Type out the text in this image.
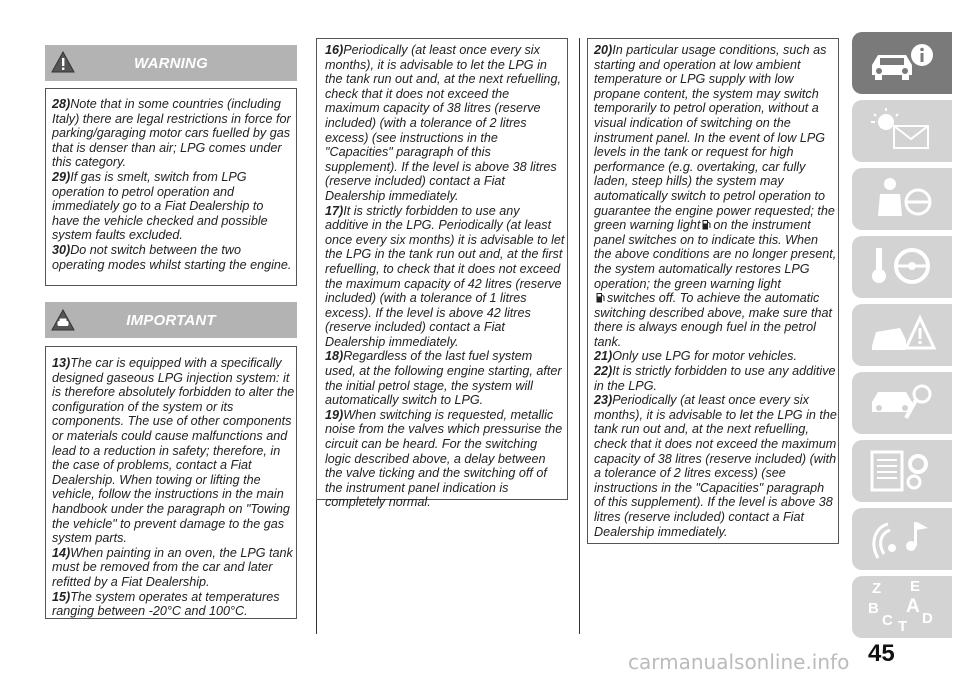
WARNING

28)Note that in some countries (including Italy) there are legal restrictions in force for parking/garaging motor cars fuelled by gas that is denser than air; LPG comes under this category.

29)If gas is smelt, switch from LPG operation to petrol operation and immediately go to a Fiat Dealership to have the vehicle checked and possible system faults excluded.

30)Do not switch between the two operating modes whilst starting the engine.

IMPORTANT

13)The car is equipped with a specifically designed gaseous LPG injection system: it is therefore absolutely forbidden to alter the configuration of the system or its components. The use of other components or materials could cause malfunctions and lead to a reduction in safety; therefore, in the case of problems, contact a Fiat Dealership. When towing or lifting the vehicle, follow the instructions in the main handbook under the paragraph on "Towing the vehicle" to prevent damage to the gas system parts.

14)When painting in an oven, the LPG tank must be removed from the car and later refitted by a Fiat Dealership.

15)The system operates at temperatures ranging between -20°C and 100°C.

16)Periodically (at least once every six months), it is advisable to let the LPG in the tank run out and, at the next refuelling, check that it does not exceed the maximum capacity of 38 litres (reserve included) (with a tolerance of 2 litres excess) (see instructions in the "Capacities" paragraph of this supplement). If the level is above 38 litres (reserve included) contact a Fiat Dealership immediately.

17)It is strictly forbidden to use any additive in the LPG. Periodically (at least once every six months) it is advisable to let the LPG in the tank run out and, at the first refuelling, to check that it does not exceed the maximum capacity of 42 litres (reserve included) (with a tolerance of 1 litres excess). If the level is above 42 litres (reserve included) contact a Fiat Dealership immediately.

18)Regardless of the last fuel system used, at the following engine starting, after the initial petrol stage, the system will automatically switch to LPG.

19)When switching is requested, metallic noise from the valves which pressurise the circuit can be heard. For the switching logic described above, a delay between the valve ticking and the switching off of the instrument panel indication is completely normal.

20)In particular usage conditions, such as starting and operation at low ambient temperature or LPG supply with low propane content, the system may switch temporarily to petrol operation, without a visual indication of switching on the instrument panel. In the event of low LPG levels in the tank or request for high performance (e.g. overtaking, car fully laden, steep hills) the system may automatically switch to petrol operation to guarantee the engine power requested; the green warning light on the instrument panel switches on to indicate this. When the above conditions are no longer present, the system automatically restores LPG operation; the green warning light
switches off. To achieve the automatic switching described above, make sure that there is always enough fuel in the petrol tank.

21)Only use LPG for motor vehicles.

22)It is strictly forbidden to use any additive in the LPG.

23)Periodically (at least once every six months), it is advisable to let the LPG in the tank run out and, at the next refuelling, check that it does not exceed the maximum capacity of 38 litres (reserve included) (with a tolerance of 2 litres excess) (see instructions in the "Capacities" paragraph of this supplement). If the level is above 38 litres (reserve included) contact a Fiat Dealership immediately.

Z E
B A
C D
T
45
carmanualsonline.info
